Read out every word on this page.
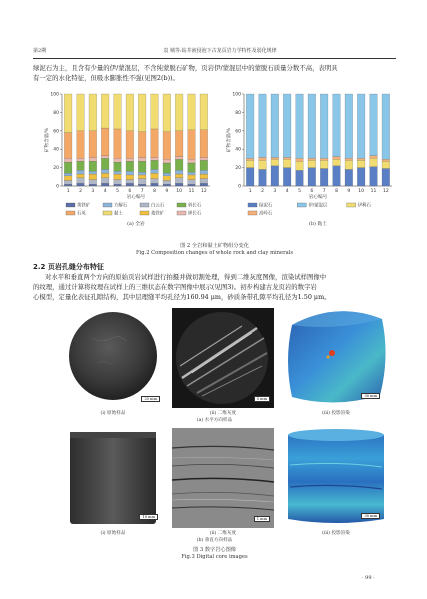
第2期	袁 城等:钻井液侵泡下古龙页岩力学特性及弱化规律
绿泥石为主，且含有少量的伊/蒙混层，不含纯蒙脱石矿物，页岩伊/蒙混层中的蒙脱石质量分数不高，表明具
有一定的水化特征，但吸水膨胀性不强(见图2(b))。
0
20
40
60
80
100
矿物含量/%
1 2 3 4 5 6 7 8 9 10 11 12
岩心编号
黄铁矿	方解石	白云石	斜长石
石英	黏土	菱铁矿	钾长石
(a) 全岩
0
20
40
60
80
100
矿物含量/%
1 2 3 4 5 6 7 8 9 10 11 12
岩心编号
绿泥石	伊/蒙混层	伊利石
高岭石
(b) 黏土
图 2 全岩和黏土矿物组分变化
Fig.2 Composition changes of whole rock and clay minerals
2.2 页岩孔缝分布特征
对水平和垂直两个方向的原始页岩试样进行拍摄并做切割处理，得到二维灰度图像，渲染试样图像中
的纹理，通过计算将纹理在试样上的三维状态在数字图像中展示(见图3)。初步构建古龙页岩的数字岩
心模型，定量化表征孔隙结构，其中层理缝平均孔径为160.94 μm，砂质条带孔隙平均孔径为1.50 μm。
25 mm	5 mm
30 mm
(ⅰ) 原始样品	(ⅱ) 二维灰度	(ⅲ) 投影渲染
(a) 水平方向样品
10 mm	1 mm
30 mm
(ⅰ) 原始样品	(ⅱ) 二维灰度	(ⅲ) 投影渲染
(b) 垂直方向样品
图 3 数字岩心图像
Fig.3 Digital core images
· 99 ·
